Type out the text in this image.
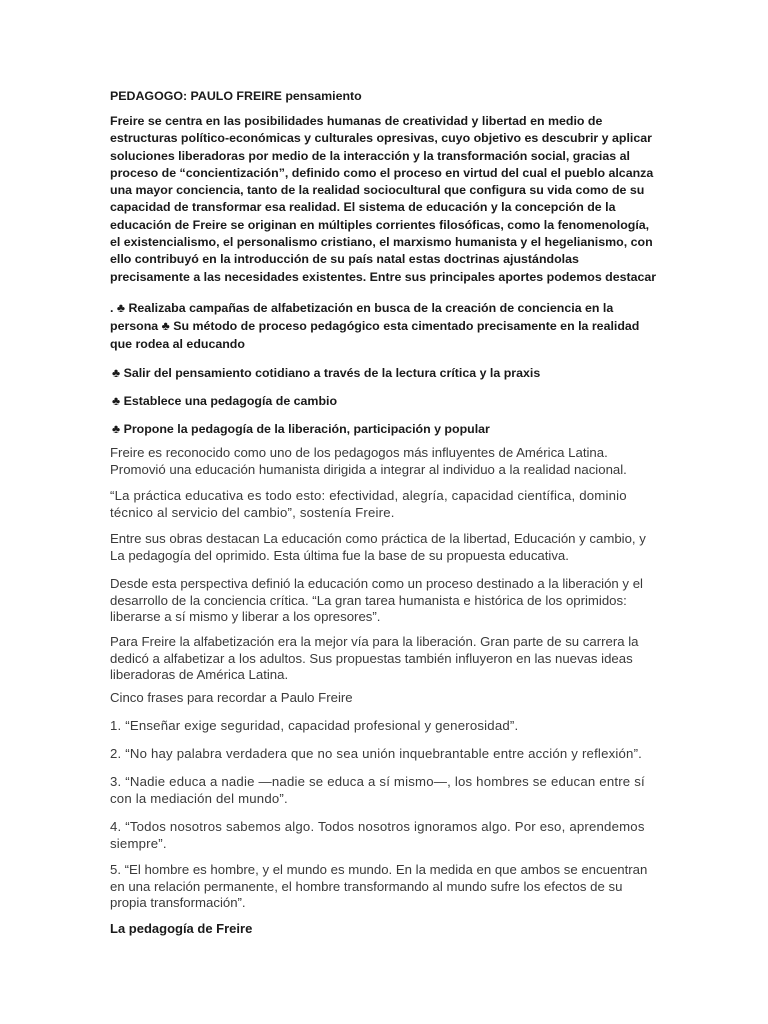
PEDAGOGO: PAULO FREIRE pensamiento

Freire se centra en las posibilidades humanas de creatividad y libertad en medio de estructuras político-económicas y culturales opresivas, cuyo objetivo es descubrir y aplicar soluciones liberadoras por medio de la interacción y la transformación social, gracias al proceso de “concientización”, definido como el proceso en virtud del cual el pueblo alcanza una mayor conciencia, tanto de la realidad sociocultural que configura su vida como de su capacidad de transformar esa realidad. El sistema de educación y la concepción de la educación de Freire se originan en múltiples corrientes filosóficas, como la fenomenología, el existencialismo, el personalismo cristiano, el marxismo humanista y el hegelianismo, con ello contribuyó en la introducción de su país natal estas doctrinas ajustándolas precisamente a las necesidades existentes. Entre sus principales aportes podemos destacar

. ♣ Realizaba campañas de alfabetización en busca de la creación de conciencia en la persona ♣ Su método de proceso pedagógico esta cimentado precisamente en la realidad que rodea al educando

♣ Salir del pensamiento cotidiano a través de la lectura crítica y la praxis

♣ Establece una pedagogía de cambio

♣ Propone la pedagogía de la liberación, participación y popular

Freire es reconocido como uno de los pedagogos más influyentes de América Latina. Promovió una educación humanista dirigida a integrar al individuo a la realidad nacional.

“La práctica educativa es todo esto: efectividad, alegría, capacidad científica, dominio técnico al servicio del cambio”, sostenía Freire.

Entre sus obras destacan La educación como práctica de la libertad, Educación y cambio, y La pedagogía del oprimido. Esta última fue la base de su propuesta educativa.

Desde esta perspectiva definió la educación como un proceso destinado a la liberación y el desarrollo de la conciencia crítica. “La gran tarea humanista e histórica de los oprimidos: liberarse a sí mismo y liberar a los opresores”.

Para Freire la alfabetización era la mejor vía para la liberación. Gran parte de su carrera la dedicó a alfabetizar a los adultos. Sus propuestas también influyeron en las nuevas ideas liberadoras de América Latina.

Cinco frases para recordar a Paulo Freire

1. “Enseñar exige seguridad, capacidad profesional y generosidad”.

2. “No hay palabra verdadera que no sea unión inquebrantable entre acción y reflexión”.

3. “Nadie educa a nadie —nadie se educa a sí mismo—, los hombres se educan entre sí con la mediación del mundo”.

4. “Todos nosotros sabemos algo. Todos nosotros ignoramos algo. Por eso, aprendemos siempre”.

5. “El hombre es hombre, y el mundo es mundo. En la medida en que ambos se encuentran en una relación permanente, el hombre transformando al mundo sufre los efectos de su propia transformación”.

La pedagogía de Freire
